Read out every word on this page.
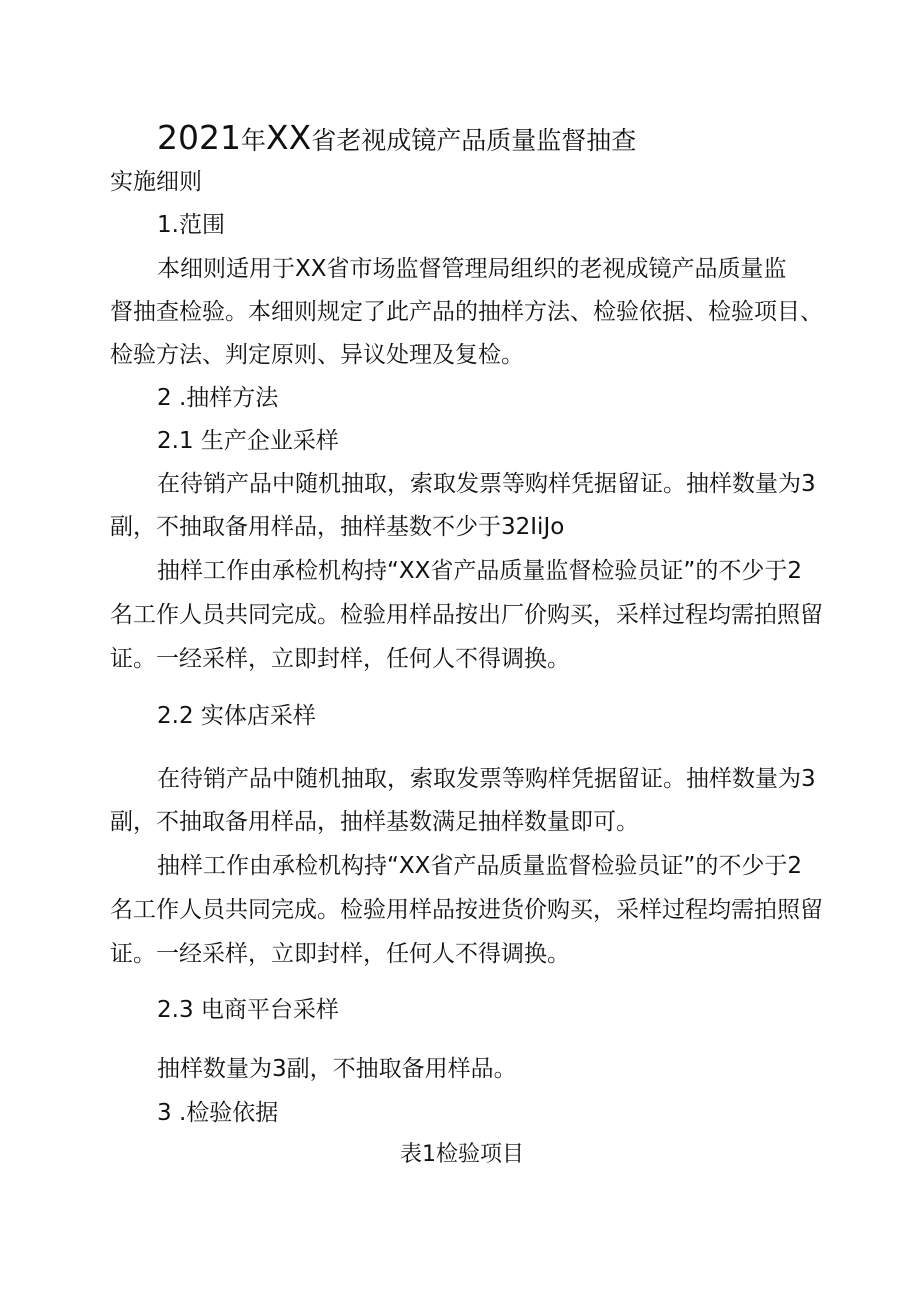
2021年XX省老视成镜产品质量监督抽查

实施细则

1.范围

本细则适用于XX省市场监督管理局组织的老视成镜产品质量监

督抽查检验。本细则规定了此产品的抽样方法、检验依据、检验项目、

检验方法、判定原则、异议处理及复检。

2 .抽样方法

2.1 生产企业采样

在待销产品中随机抽取，索取发票等购样凭据留证。抽样数量为3

副，不抽取备用样品，抽样基数不少于32IiJo

抽样工作由承检机构持“XX省产品质量监督检验员证”的不少于2

名工作人员共同完成。检验用样品按出厂价购买，采样过程均需拍照留

证。一经采样，立即封样，任何人不得调换。

2.2 实体店采样

在待销产品中随机抽取，索取发票等购样凭据留证。抽样数量为3

副，不抽取备用样品，抽样基数满足抽样数量即可。

抽样工作由承检机构持“XX省产品质量监督检验员证”的不少于2

名工作人员共同完成。检验用样品按进货价购买，采样过程均需拍照留

证。一经采样，立即封样，任何人不得调换。

2.3 电商平台采样

抽样数量为3副，不抽取备用样品。

3 .检验依据

表1检验项目
